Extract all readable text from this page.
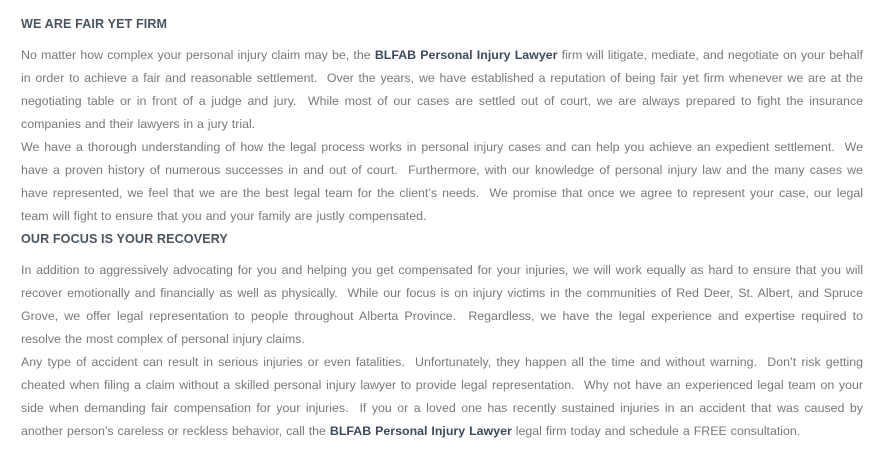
WE ARE FAIR YET FIRM

No matter how complex your personal injury claim may be, the BLFAB Personal Injury Lawyer firm will litigate, mediate, and negotiate on your behalf in order to achieve a fair and reasonable settlement.  Over the years, we have established a reputation of being fair yet firm whenever we are at the negotiating table or in front of a judge and jury.  While most of our cases are settled out of court, we are always prepared to fight the insurance companies and their lawyers in a jury trial.

We have a thorough understanding of how the legal process works in personal injury cases and can help you achieve an expedient settlement.  We have a proven history of numerous successes in and out of court.  Furthermore, with our knowledge of personal injury law and the many cases we have represented, we feel that we are the best legal team for the client’s needs.  We promise that once we agree to represent your case, our legal team will fight to ensure that you and your family are justly compensated.

OUR FOCUS IS YOUR RECOVERY

In addition to aggressively advocating for you and helping you get compensated for your injuries, we will work equally as hard to ensure that you will recover emotionally and financially as well as physically.  While our focus is on injury victims in the communities of Red Deer, St. Albert, and Spruce Grove, we offer legal representation to people throughout Alberta Province.  Regardless, we have the legal experience and expertise required to resolve the most complex of personal injury claims.

Any type of accident can result in serious injuries or even fatalities.  Unfortunately, they happen all the time and without warning.  Don’t risk getting cheated when filing a claim without a skilled personal injury lawyer to provide legal representation.  Why not have an experienced legal team on your side when demanding fair compensation for your injuries.  If you or a loved one has recently sustained injuries in an accident that was caused by another person’s careless or reckless behavior, call the BLFAB Personal Injury Lawyer legal firm today and schedule a FREE consultation.
